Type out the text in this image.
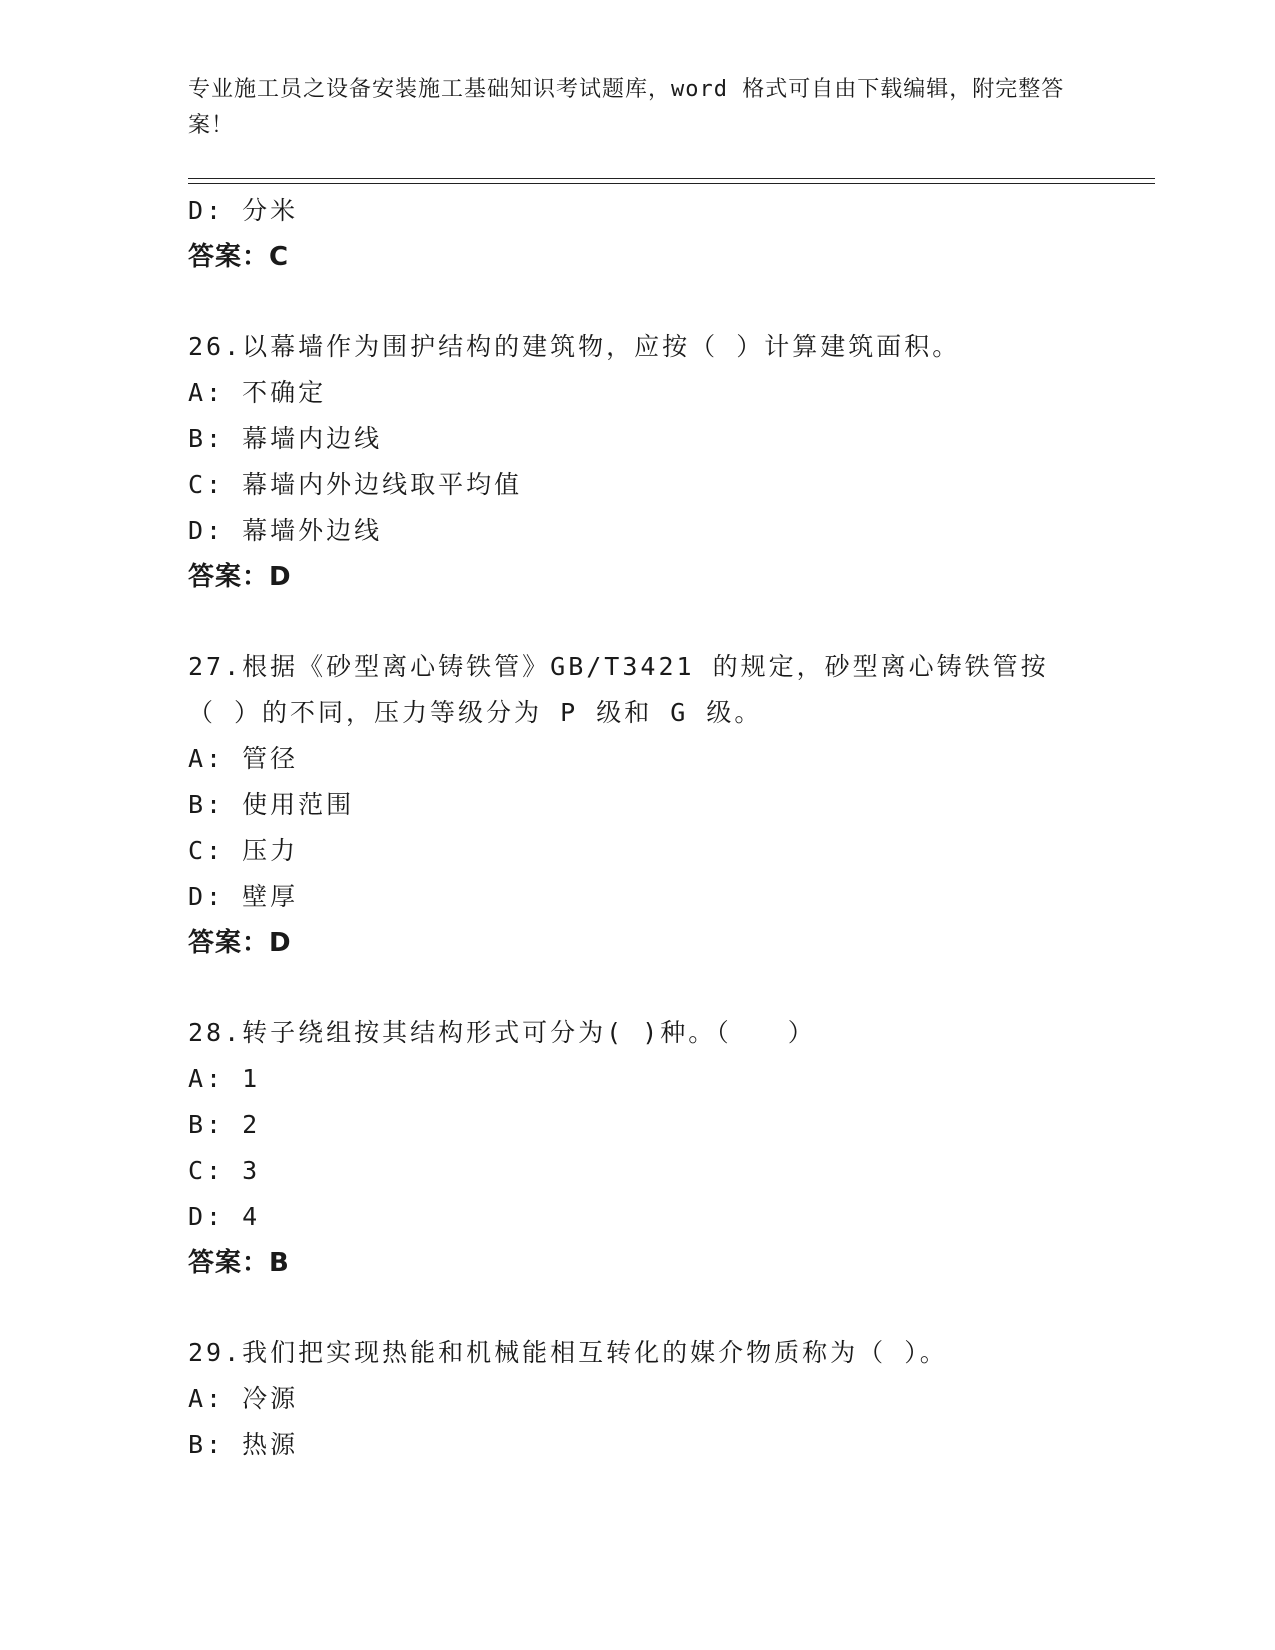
专业施工员之设备安装施工基础知识考试题库，word 格式可自由下载编辑，附完整答案！
D: 分米
答案：C
26.以幕墙作为围护结构的建筑物，应按（ ）计算建筑面积。
A: 不确定
B: 幕墙内边线
C: 幕墙内外边线取平均值
D: 幕墙外边线
答案：D
27.根据《砂型离心铸铁管》GB/T3421 的规定，砂型离心铸铁管按（ ）的不同，压力等级分为 P 级和 G 级。
A: 管径
B: 使用范围
C: 压力
D: 壁厚
答案：D
28.转子绕组按其结构形式可分为( )种。（　　）
A: 1
B: 2
C: 3
D: 4
答案：B
29.我们把实现热能和机械能相互转化的媒介物质称为（ ）。
A: 冷源
B: 热源
